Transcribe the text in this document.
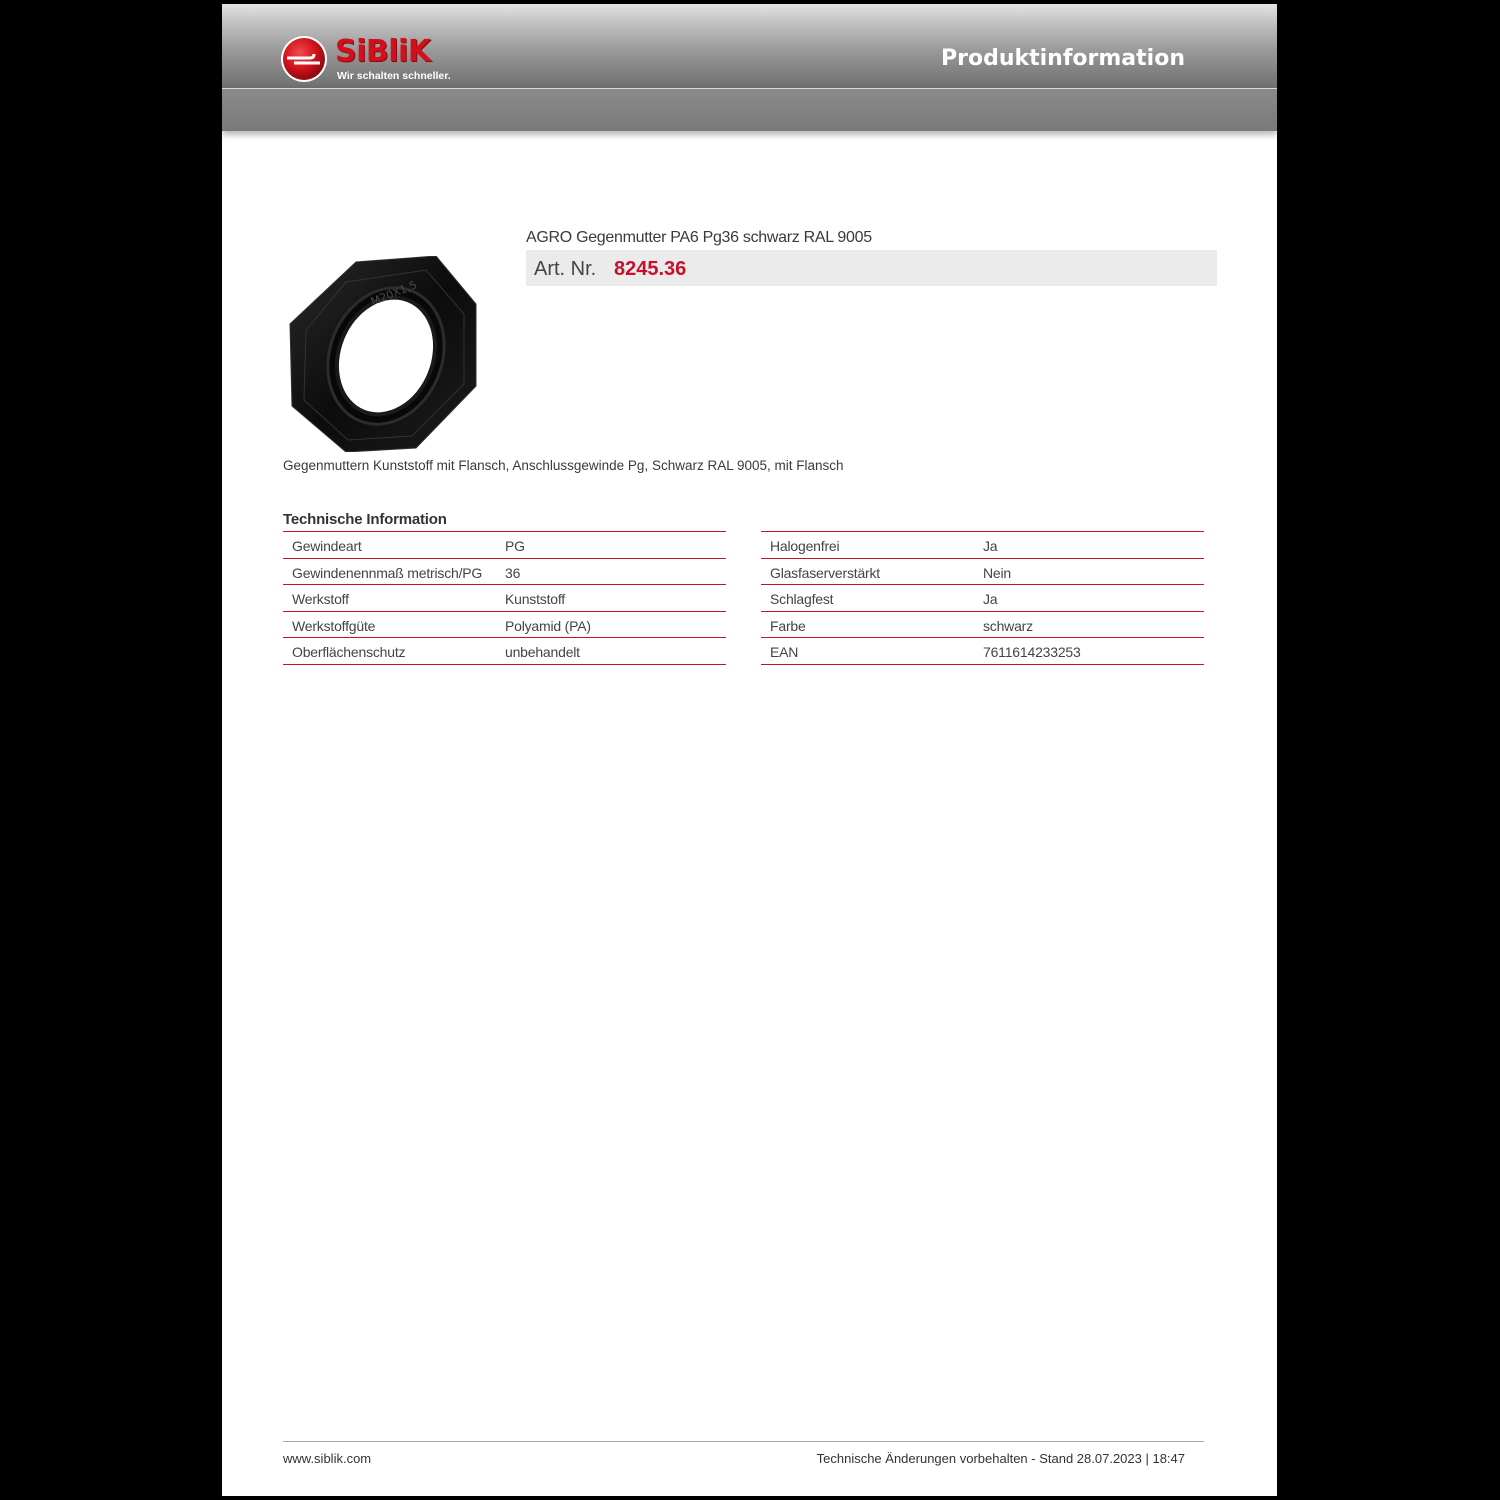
SiBliK
Wir schalten schneller.
Produktinformation
M20X1,5
AGRO Gegenmutter PA6 Pg36 schwarz RAL 9005
Art. Nr. 8245.36
Gegenmuttern Kunststoff mit Flansch, Anschlussgewinde Pg, Schwarz RAL 9005, mit Flansch
Technische Information
Gewindeart	PG
Gewindenennmaß metrisch/PG 36
Werkstoff	Kunststoff
Werkstoffgüte	Polyamid (PA)
Oberflächenschutz	unbehandelt
Halogenfrei	Ja
Glasfaserverstärkt	Nein
Schlagfest	Ja
Farbe	schwarz
EAN	7611614233253
www.siblik.com	Technische Änderungen vorbehalten - Stand 28.07.2023 | 18:47
